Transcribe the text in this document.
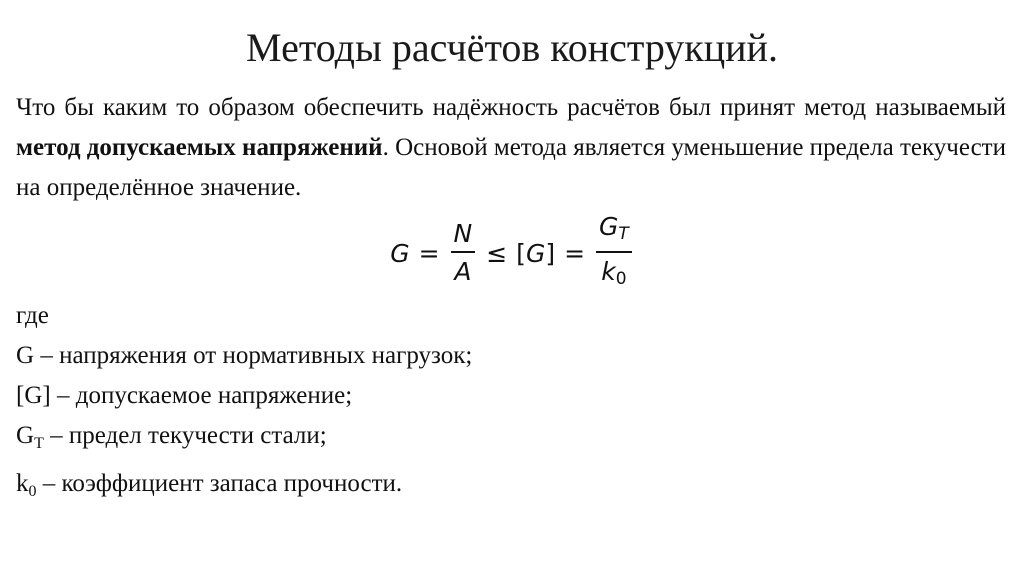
Методы расчётов конструкций.
Что бы каким то образом обеспечить надёжность расчётов был принят метод называемый метод допускаемых напряжений. Основой метода является уменьшение предела текучести на определённое значение.
$G = \frac{N}{A}$ ≤ [ G ] = $\frac{G_T}{k_0}$
где
G – напряжения от нормативных нагрузок;
[G] – допускаемое напряжение;
$G_T$ – предел текучести стали;
$k_0$ – коэффициент запаса прочности.
